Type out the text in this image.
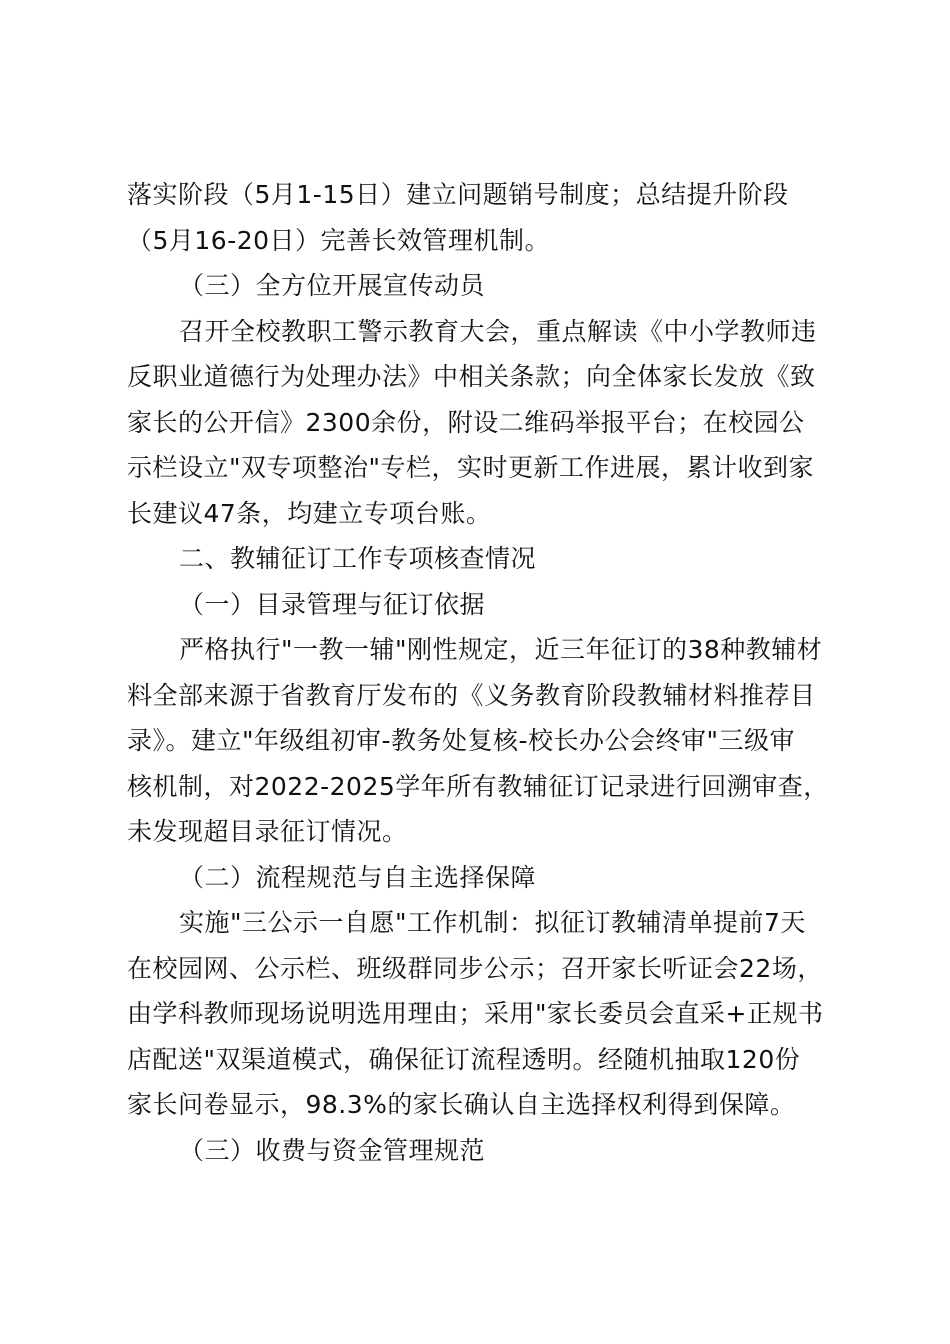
落实阶段（5月1-15日）建立问题销号制度；总结提升阶段
（5月16-20日）完善长效管理机制。
（三）全方位开展宣传动员
召开全校教职工警示教育大会，重点解读《中小学教师违
反职业道德行为处理办法》中相关条款；向全体家长发放《致
家长的公开信》2300余份，附设二维码举报平台；在校园公
示栏设立"双专项整治"专栏，实时更新工作进展，累计收到家
长建议47条，均建立专项台账。
二、教辅征订工作专项核查情况
（一）目录管理与征订依据
严格执行"一教一辅"刚性规定，近三年征订的38种教辅材
料全部来源于省教育厅发布的《义务教育阶段教辅材料推荐目
录》。建立"年级组初审-教务处复核-校长办公会终审"三级审
核机制，对2022-2025学年所有教辅征订记录进行回溯审查，
未发现超目录征订情况。
（二）流程规范与自主选择保障
实施"三公示一自愿"工作机制：拟征订教辅清单提前7天
在校园网、公示栏、班级群同步公示；召开家长听证会22场，
由学科教师现场说明选用理由；采用"家长委员会直采+正规书
店配送"双渠道模式，确保征订流程透明。经随机抽取120份
家长问卷显示，98.3%的家长确认自主选择权利得到保障。
（三）收费与资金管理规范
